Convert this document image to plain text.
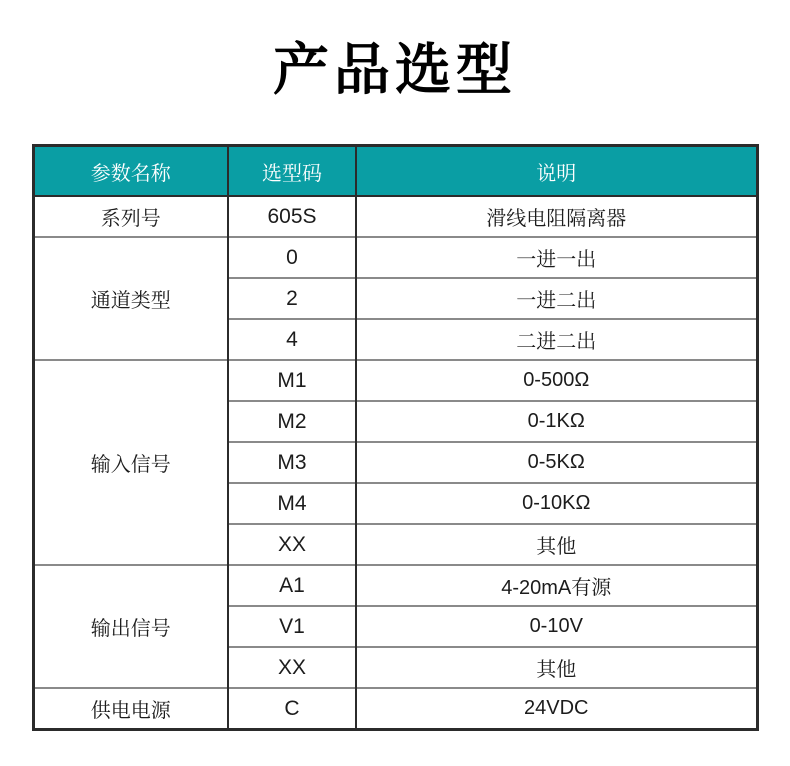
产品选型
参数名称	选型码	说明
系列号	605S	滑线电阻隔离器
通道类型	0	一进一出
	2	一进二出
	4	二进二出
输入信号	M1	0-500Ω
	M2	0-1KΩ
	M3	0-5KΩ
	M4	0-10KΩ
	XX	其他
输出信号	A1	4-20mA有源
	V1	0-10V
	XX	其他
供电电源	C	24VDC
